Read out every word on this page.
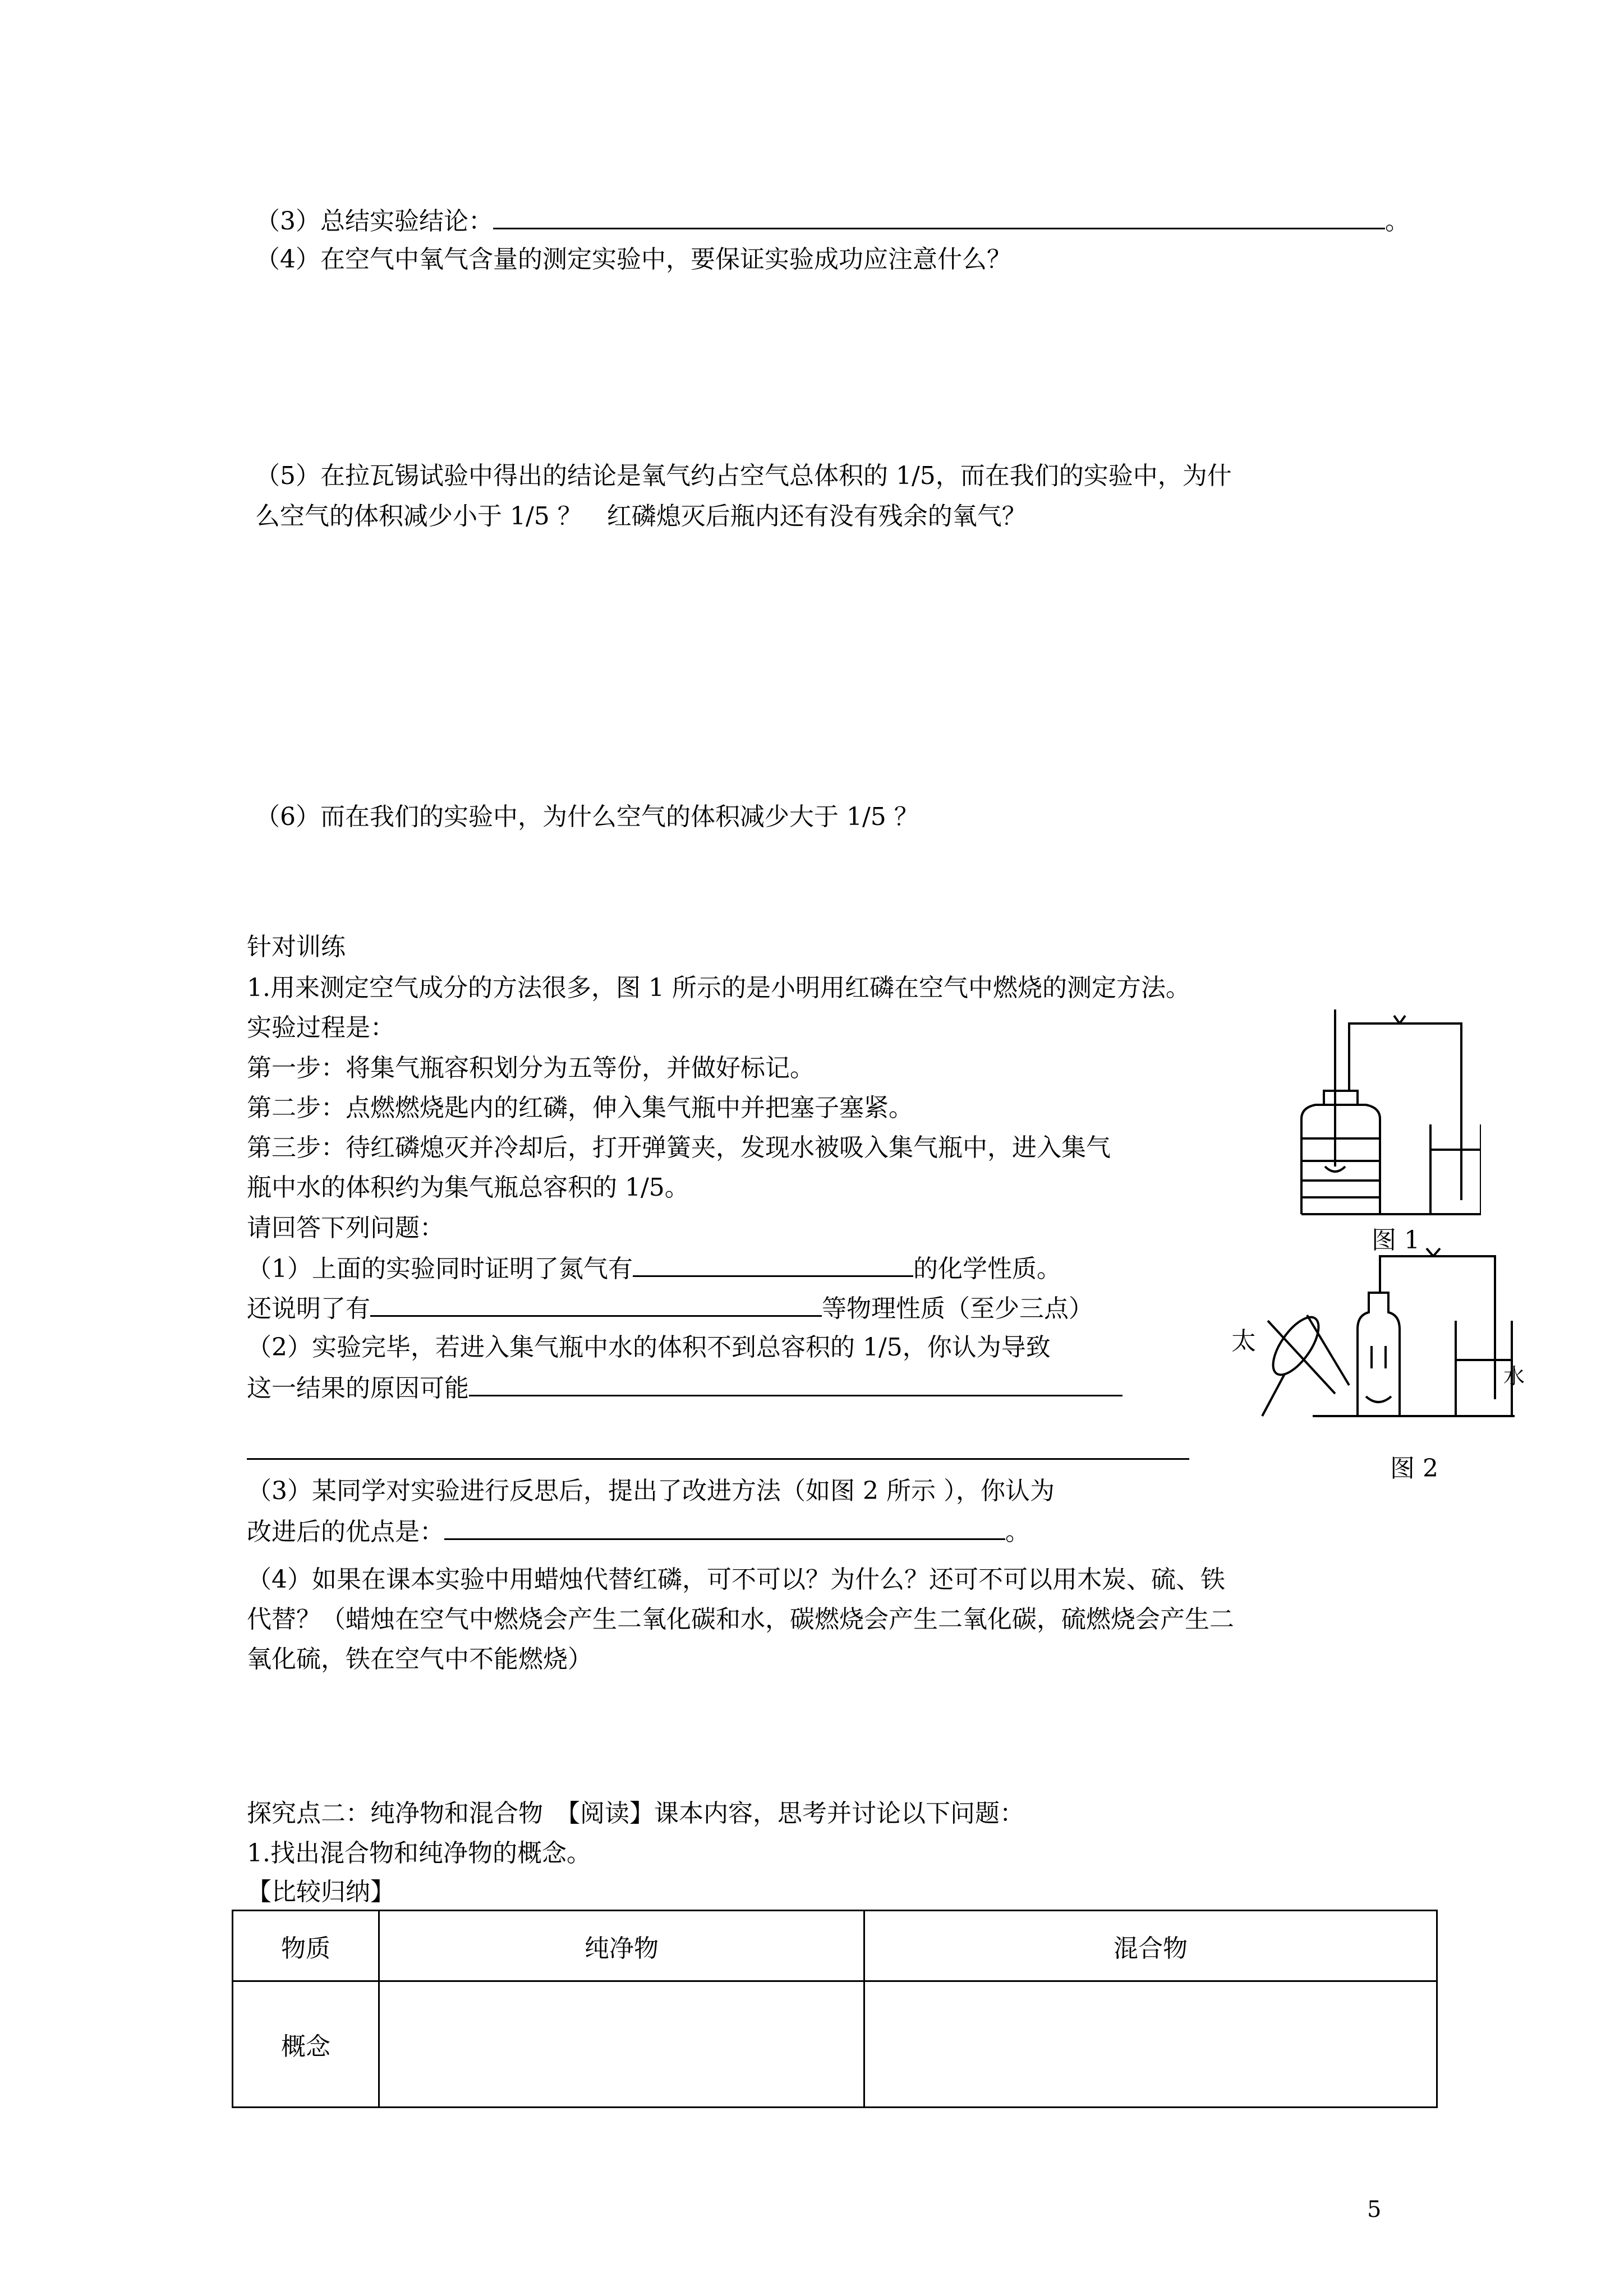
（3）总结实验结论：	。
（4）在空气中氧气含量的测定实验中，要保证实验成功应注意什么？
（5）在拉瓦锡试验中得出的结论是氧气约占空气总体积的 1/5，而在我们的实验中，为什
么空气的体积减少小于 1/5 ？　红磷熄灭后瓶内还有没有残余的氧气？
（6）而在我们的实验中，为什么空气的体积减少大于 1/5 ？
针对训练
1.用来测定空气成分的方法很多，图 1 所示的是小明用红磷在空气中燃烧的测定方法。
实验过程是：
第一步：将集气瓶容积划分为五等份，并做好标记。
第二步：点燃燃烧匙内的红磷，伸入集气瓶中并把塞子塞紧。
第三步：待红磷熄灭并冷却后，打开弹簧夹，发现水被吸入集气瓶中，进入集气
瓶中水的体积约为集气瓶总容积的 1/5。
请回答下列问题：
（1）上面的实验同时证明了氮气有	的化学性质。
还说明了有	等物理性质（至少三点）
（2）实验完毕，若进入集气瓶中水的体积不到总容积的 1/5，你认为导致
这一结果的原因可能
（3）某同学对实验进行反思后，提出了改进方法（如图 2 所示 ），你认为
改进后的优点是：	。
（4）如果在课本实验中用蜡烛代替红磷，可不可以？为什么？还可不可以用木炭、硫、铁
代替？（蜡烛在空气中燃烧会产生二氧化碳和水，碳燃烧会产生二氧化碳，硫燃烧会产生二
氧化硫，铁在空气中不能燃烧）
图 1
太
水
图 2
探究点二：纯净物和混合物　【阅读】课本内容，思考并讨论以下问题：
1.找出混合物和纯净物的概念。
【比较归纳】
物质	纯净物	混合物
概念		
5
